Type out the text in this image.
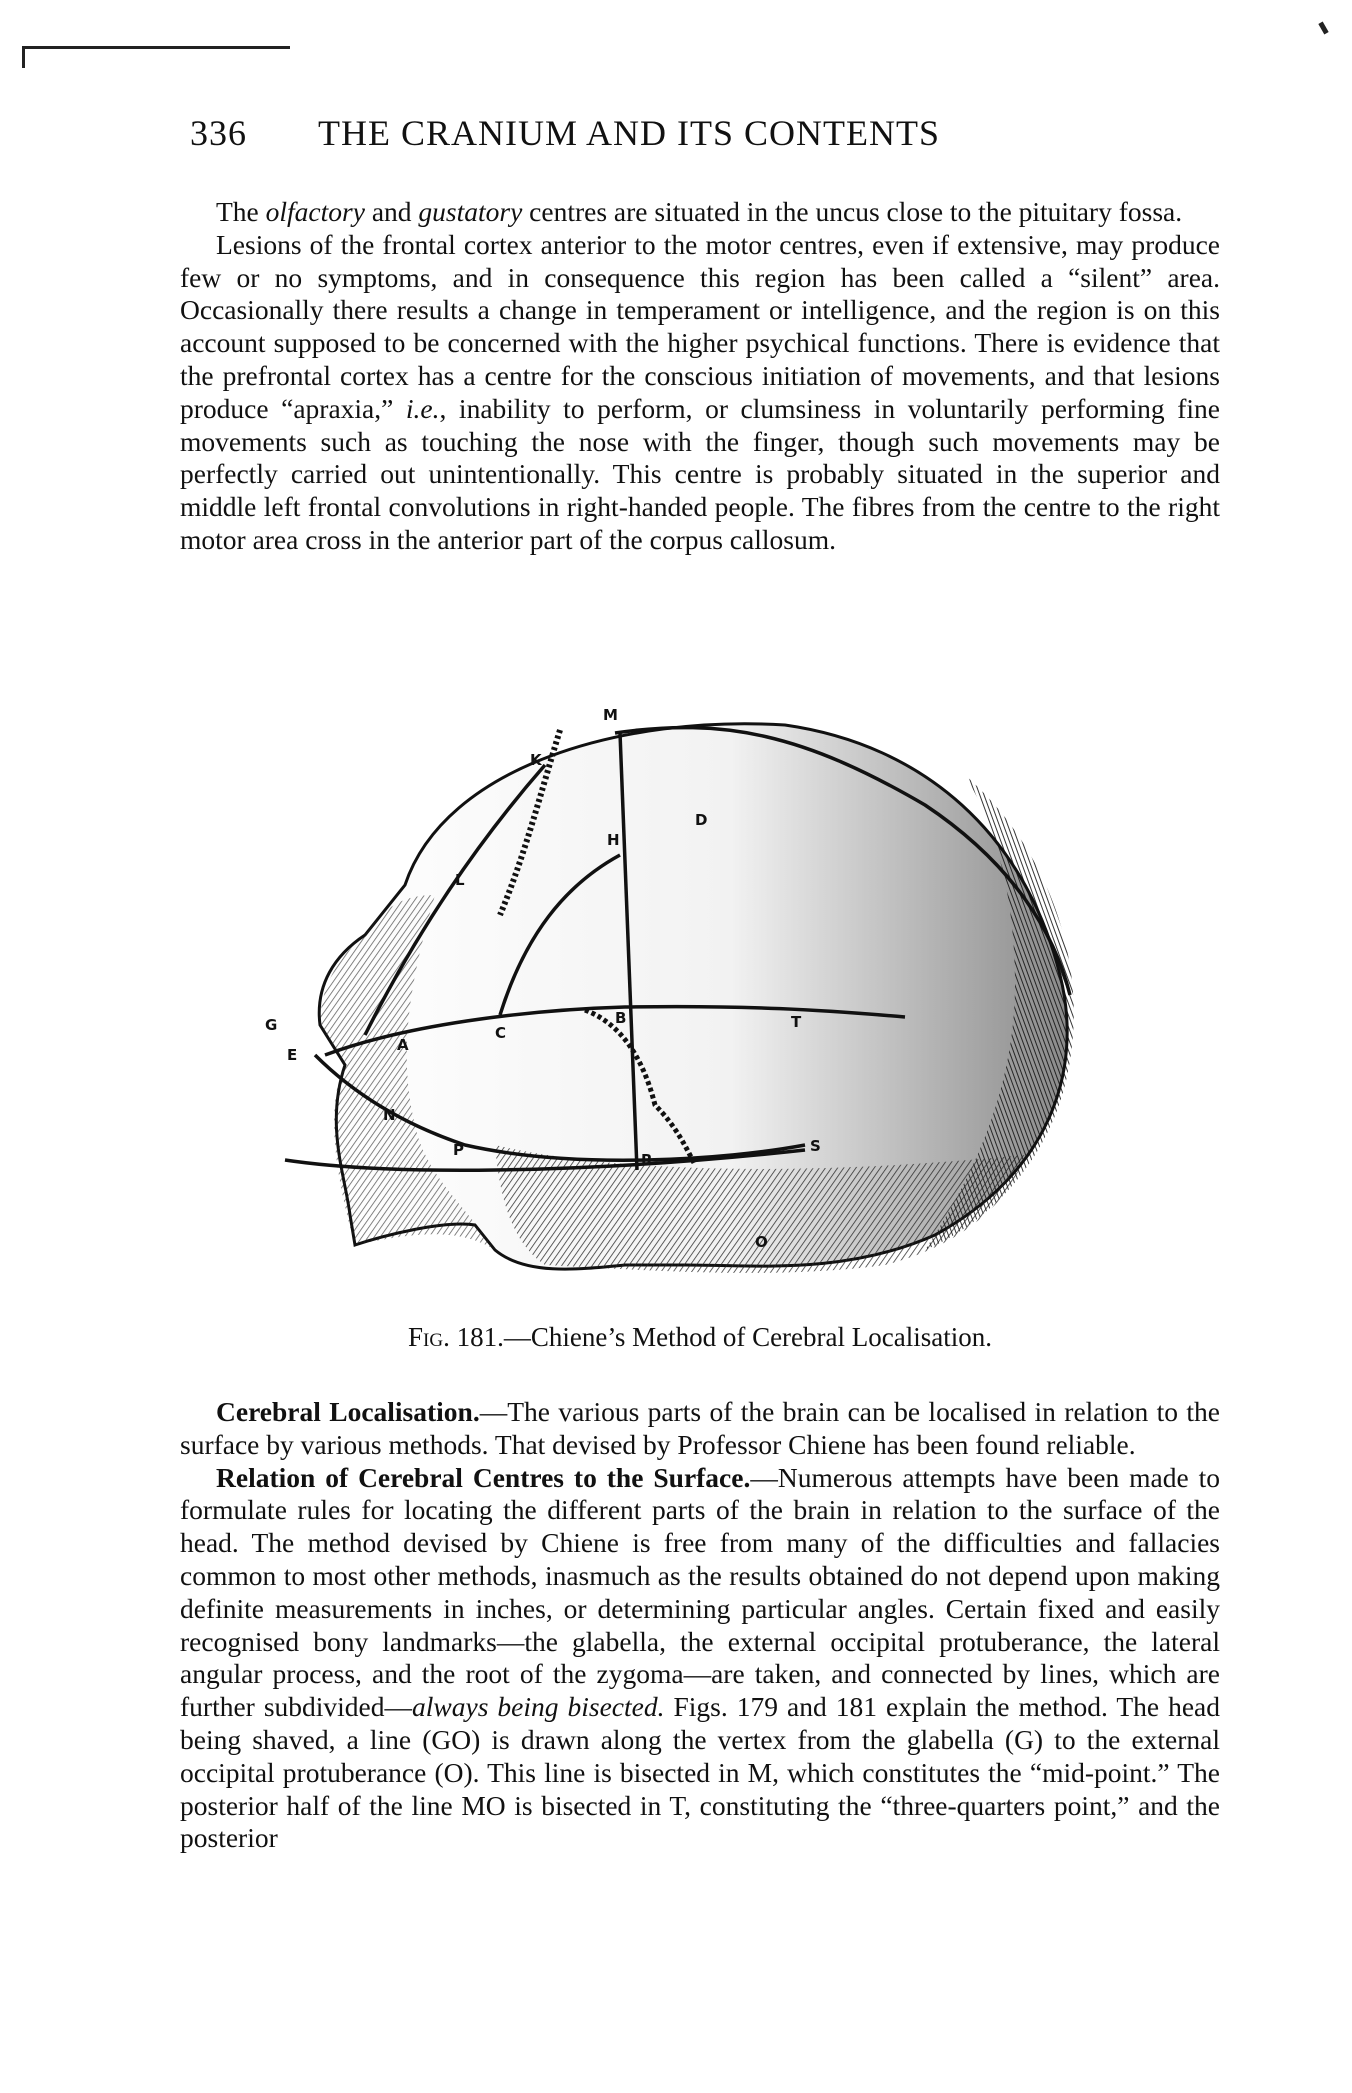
336 THE CRANIUM AND ITS CONTENTS

The olfactory and gustatory centres are situated in the uncus close to the pituitary fossa.

Lesions of the frontal cortex anterior to the motor centres, even if extensive, may produce few or no symptoms, and in consequence this region has been called a “silent” area. Occasionally there results a change in temperament or intelligence, and the region is on this account supposed to be concerned with the higher psychical functions. There is evidence that the prefrontal cortex has a centre for the conscious initiation of movements, and that lesions produce “apraxia,” i.e., inability to perform, or clumsiness in voluntarily performing fine movements such as touching the nose with the finger, though such movements may be perfectly carried out unintentionally. This centre is probably situated in the superior and middle left frontal convolutions in right-handed people. The fibres from the centre to the right motor area cross in the anterior part of the corpus callosum.

M
K
H
D
L
G
E
A
C
B	T
N
P
R
S
O
Fig. 181.—Chiene’s Method of Cerebral Localisation.

Cerebral Localisation.—The various parts of the brain can be localised in relation to the surface by various methods. That devised by Professor Chiene has been found reliable.

Relation of Cerebral Centres to the Surface.—Numerous attempts have been made to formulate rules for locating the different parts of the brain in relation to the surface of the head. The method devised by Chiene is free from many of the difficulties and fallacies common to most other methods, inasmuch as the results obtained do not depend upon making definite measurements in inches, or determining particular angles. Certain fixed and easily recognised bony landmarks—the glabella, the external occipital protuberance, the lateral angular process, and the root of the zygoma—are taken, and connected by lines, which are further subdivided—always being bisected. Figs. 179 and 181 explain the method. The head being shaved, a line (GO) is drawn along the vertex from the glabella (G) to the external occipital protuberance (O). This line is bisected in M, which constitutes the “mid-point.” The posterior half of the line MO is bisected in T, constituting the “three-quarters point,” and the posterior
